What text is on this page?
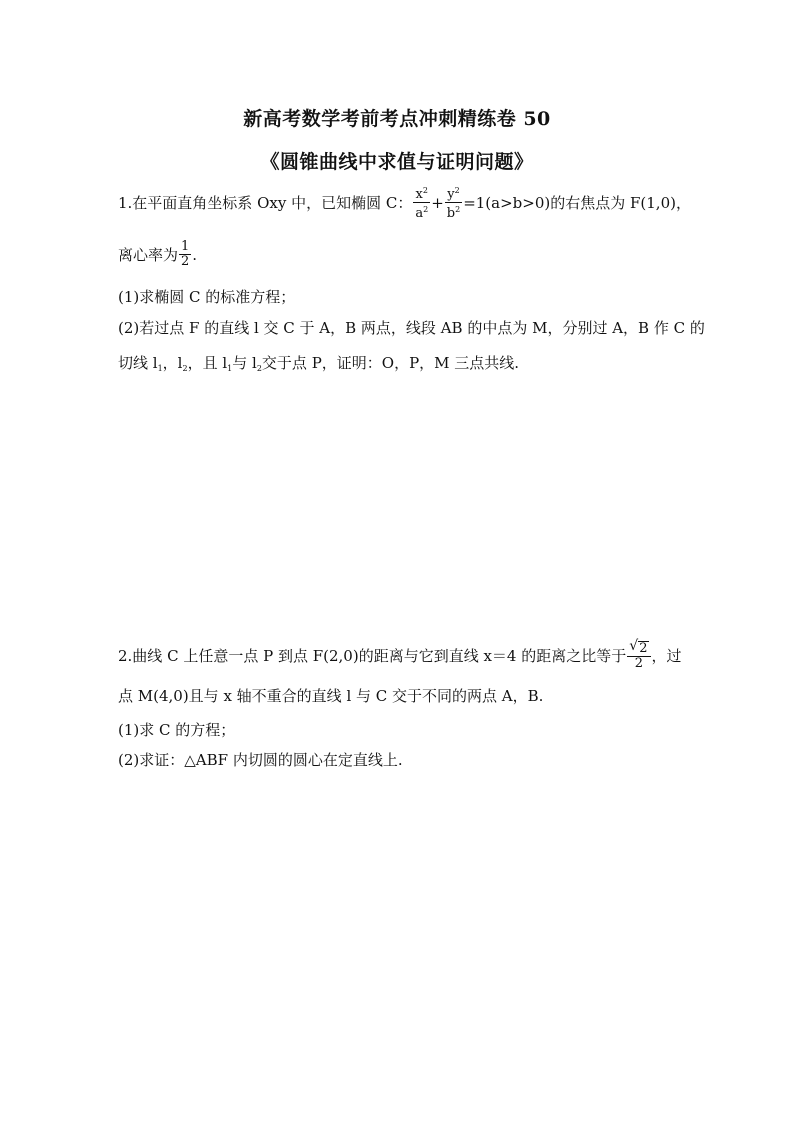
新高考数学考前考点冲刺精练卷 50
《圆锥曲线中求值与证明问题》
1.在平面直角坐标系 Oxy 中，已知椭圆 C： $\frac{x^2}{a^2} + \frac{y^2}{b^2} =1(a>b>0)$的右焦点为 F(1,0)，
离心率为 $\frac{1}{2}$ .
(1)求椭圆 C 的标准方程；
(2)若过点 F 的直线 l 交 C 于 A，B 两点，线段 AB 的中点为 M，分别过 A，B 作 C 的
切线 $l_1$，$l_2$，且 $l_1$与 $l_2$交于点 P，证明：O，P，M 三点共线.
2.曲线 C 上任意一点 P 到点 F(2,0)的距离与它到直线 x＝4 的距离之比等于 $\frac{√ 2}{2}$ ，过
点 M(4,0)且与 x 轴不重合的直线 l 与 C 交于不同的两点 A，B.
(1)求 C 的方程；
(2)求证：△ABF 内切圆的圆心在定直线上.
